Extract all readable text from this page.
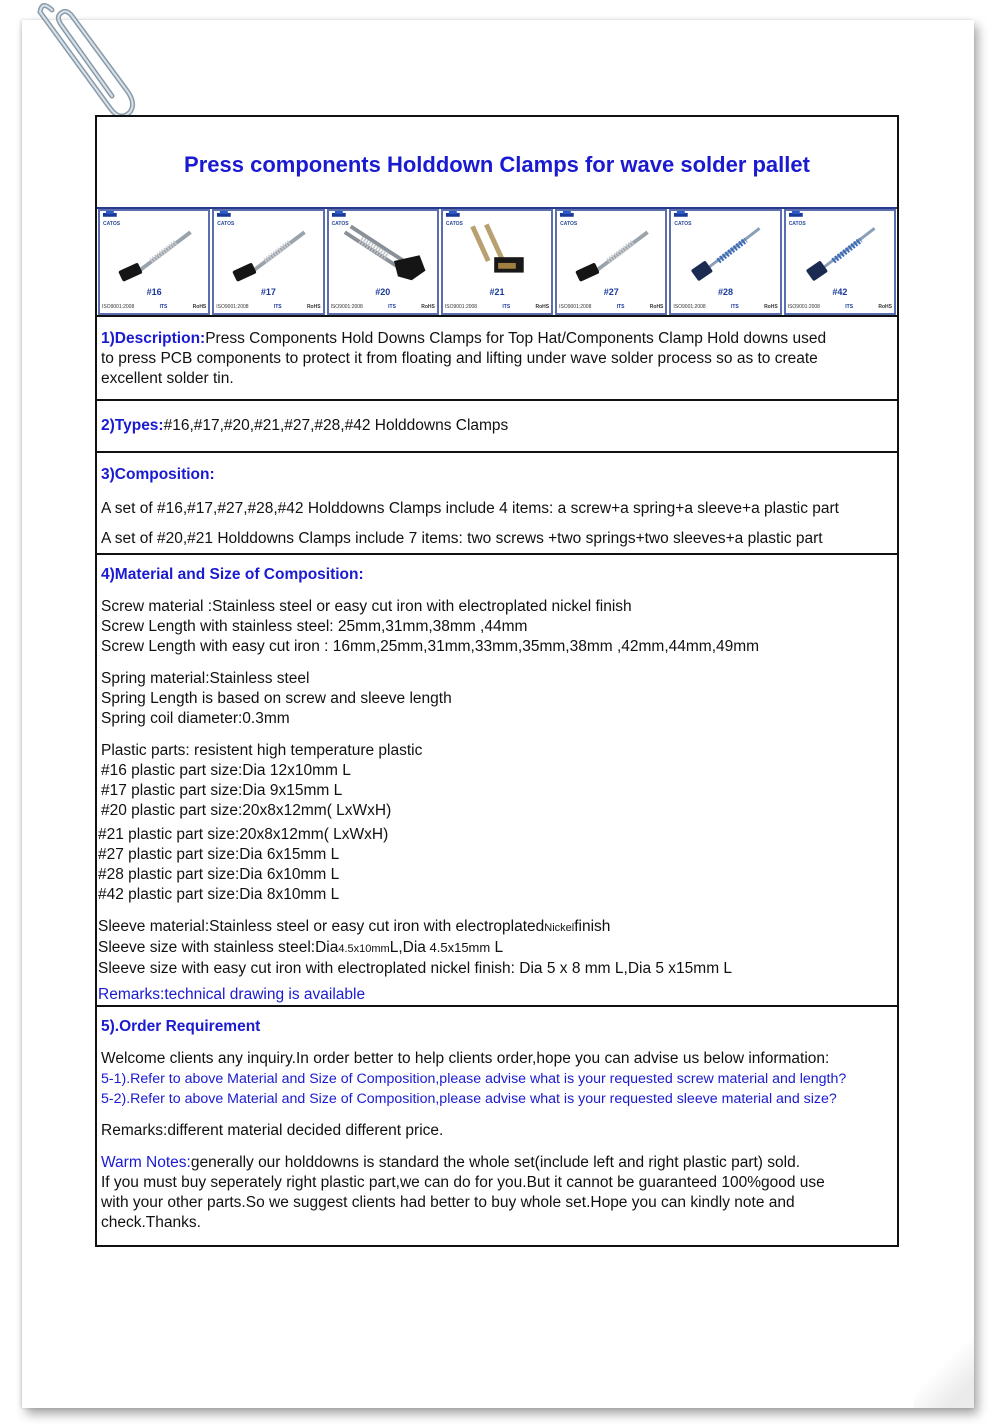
Press components Holddown Clamps for wave solder pallet
CATOS
#16
ISO9001:2008	ITS	RoHS
CATOS
#17
ISO9001:2008	ITS	RoHS
CATOS
#20
ISO9001:2008	ITS	RoHS
CATOS
#21
ISO9001:2008	ITS	RoHS
CATOS
#27
ISO9001:2008	ITS	RoHS
CATOS
#28
ISO9001:2008	ITS	RoHS
CATOS
#42
ISO9001:2008	ITS	RoHS
1)Description:Press Components Hold Downs Clamps for Top Hat/Components Clamp Hold downs used
to press PCB components to protect it from floating and lifting under wave solder process so as to create
excellent solder tin.
2)Types:#16,#17,#20,#21,#27,#28,#42 Holddowns Clamps
3)Composition:
A set of #16,#17,#27,#28,#42 Holddowns Clamps include 4 items: a screw+a spring+a sleeve+a plastic part
A set of #20,#21 Holddowns Clamps include 7 items: two screws +two springs+two sleeves+a plastic part
4)Material and Size of Composition:
Screw material :Stainless steel or easy cut iron with electroplated nickel finish
Screw Length with stainless steel: 25mm,31mm,38mm ,44mm
Screw Length with easy cut iron : 16mm,25mm,31mm,33mm,35mm,38mm ,42mm,44mm,49mm
Spring material:Stainless steel
Spring Length is based on screw and sleeve length
Spring coil diameter:0.3mm
Plastic parts: resistent high temperature plastic
#16 plastic part size:Dia 12x10mm L
#17 plastic part size:Dia 9x15mm L
#20 plastic part size:20x8x12mm( LxWxH)
#21 plastic part size:20x8x12mm( LxWxH)
#27 plastic part size:Dia 6x15mm L
#28 plastic part size:Dia 6x10mm L
#42 plastic part size:Dia 8x10mm L
Sleeve material:Stainless steel or easy cut iron with electroplatedNickelfinish
Sleeve size with stainless steel:Dia4.5x10mmL,Dia 4.5x15mm L
Sleeve size with easy cut iron with electroplated nickel finish: Dia 5 x 8 mm L,Dia 5 x15mm L
Remarks:technical drawing is available
5).Order Requirement
Welcome clients any inquiry.In order better to help clients order,hope you can advise us below information:
5-1).Refer to above Material and Size of Composition,please advise what is your requested screw material and length?
5-2).Refer to above Material and Size of Composition,please advise what is your requested sleeve material and size?
Remarks:different material decided different price.
Warm Notes:generally our holddowns is standard the whole set(include left and right plastic part) sold.
If you must buy seperately right plastic part,we can do for you.But it cannot be guaranteed 100%good use
with your other parts.So we suggest clients had better to buy whole set.Hope you can kindly note and
check.Thanks.
